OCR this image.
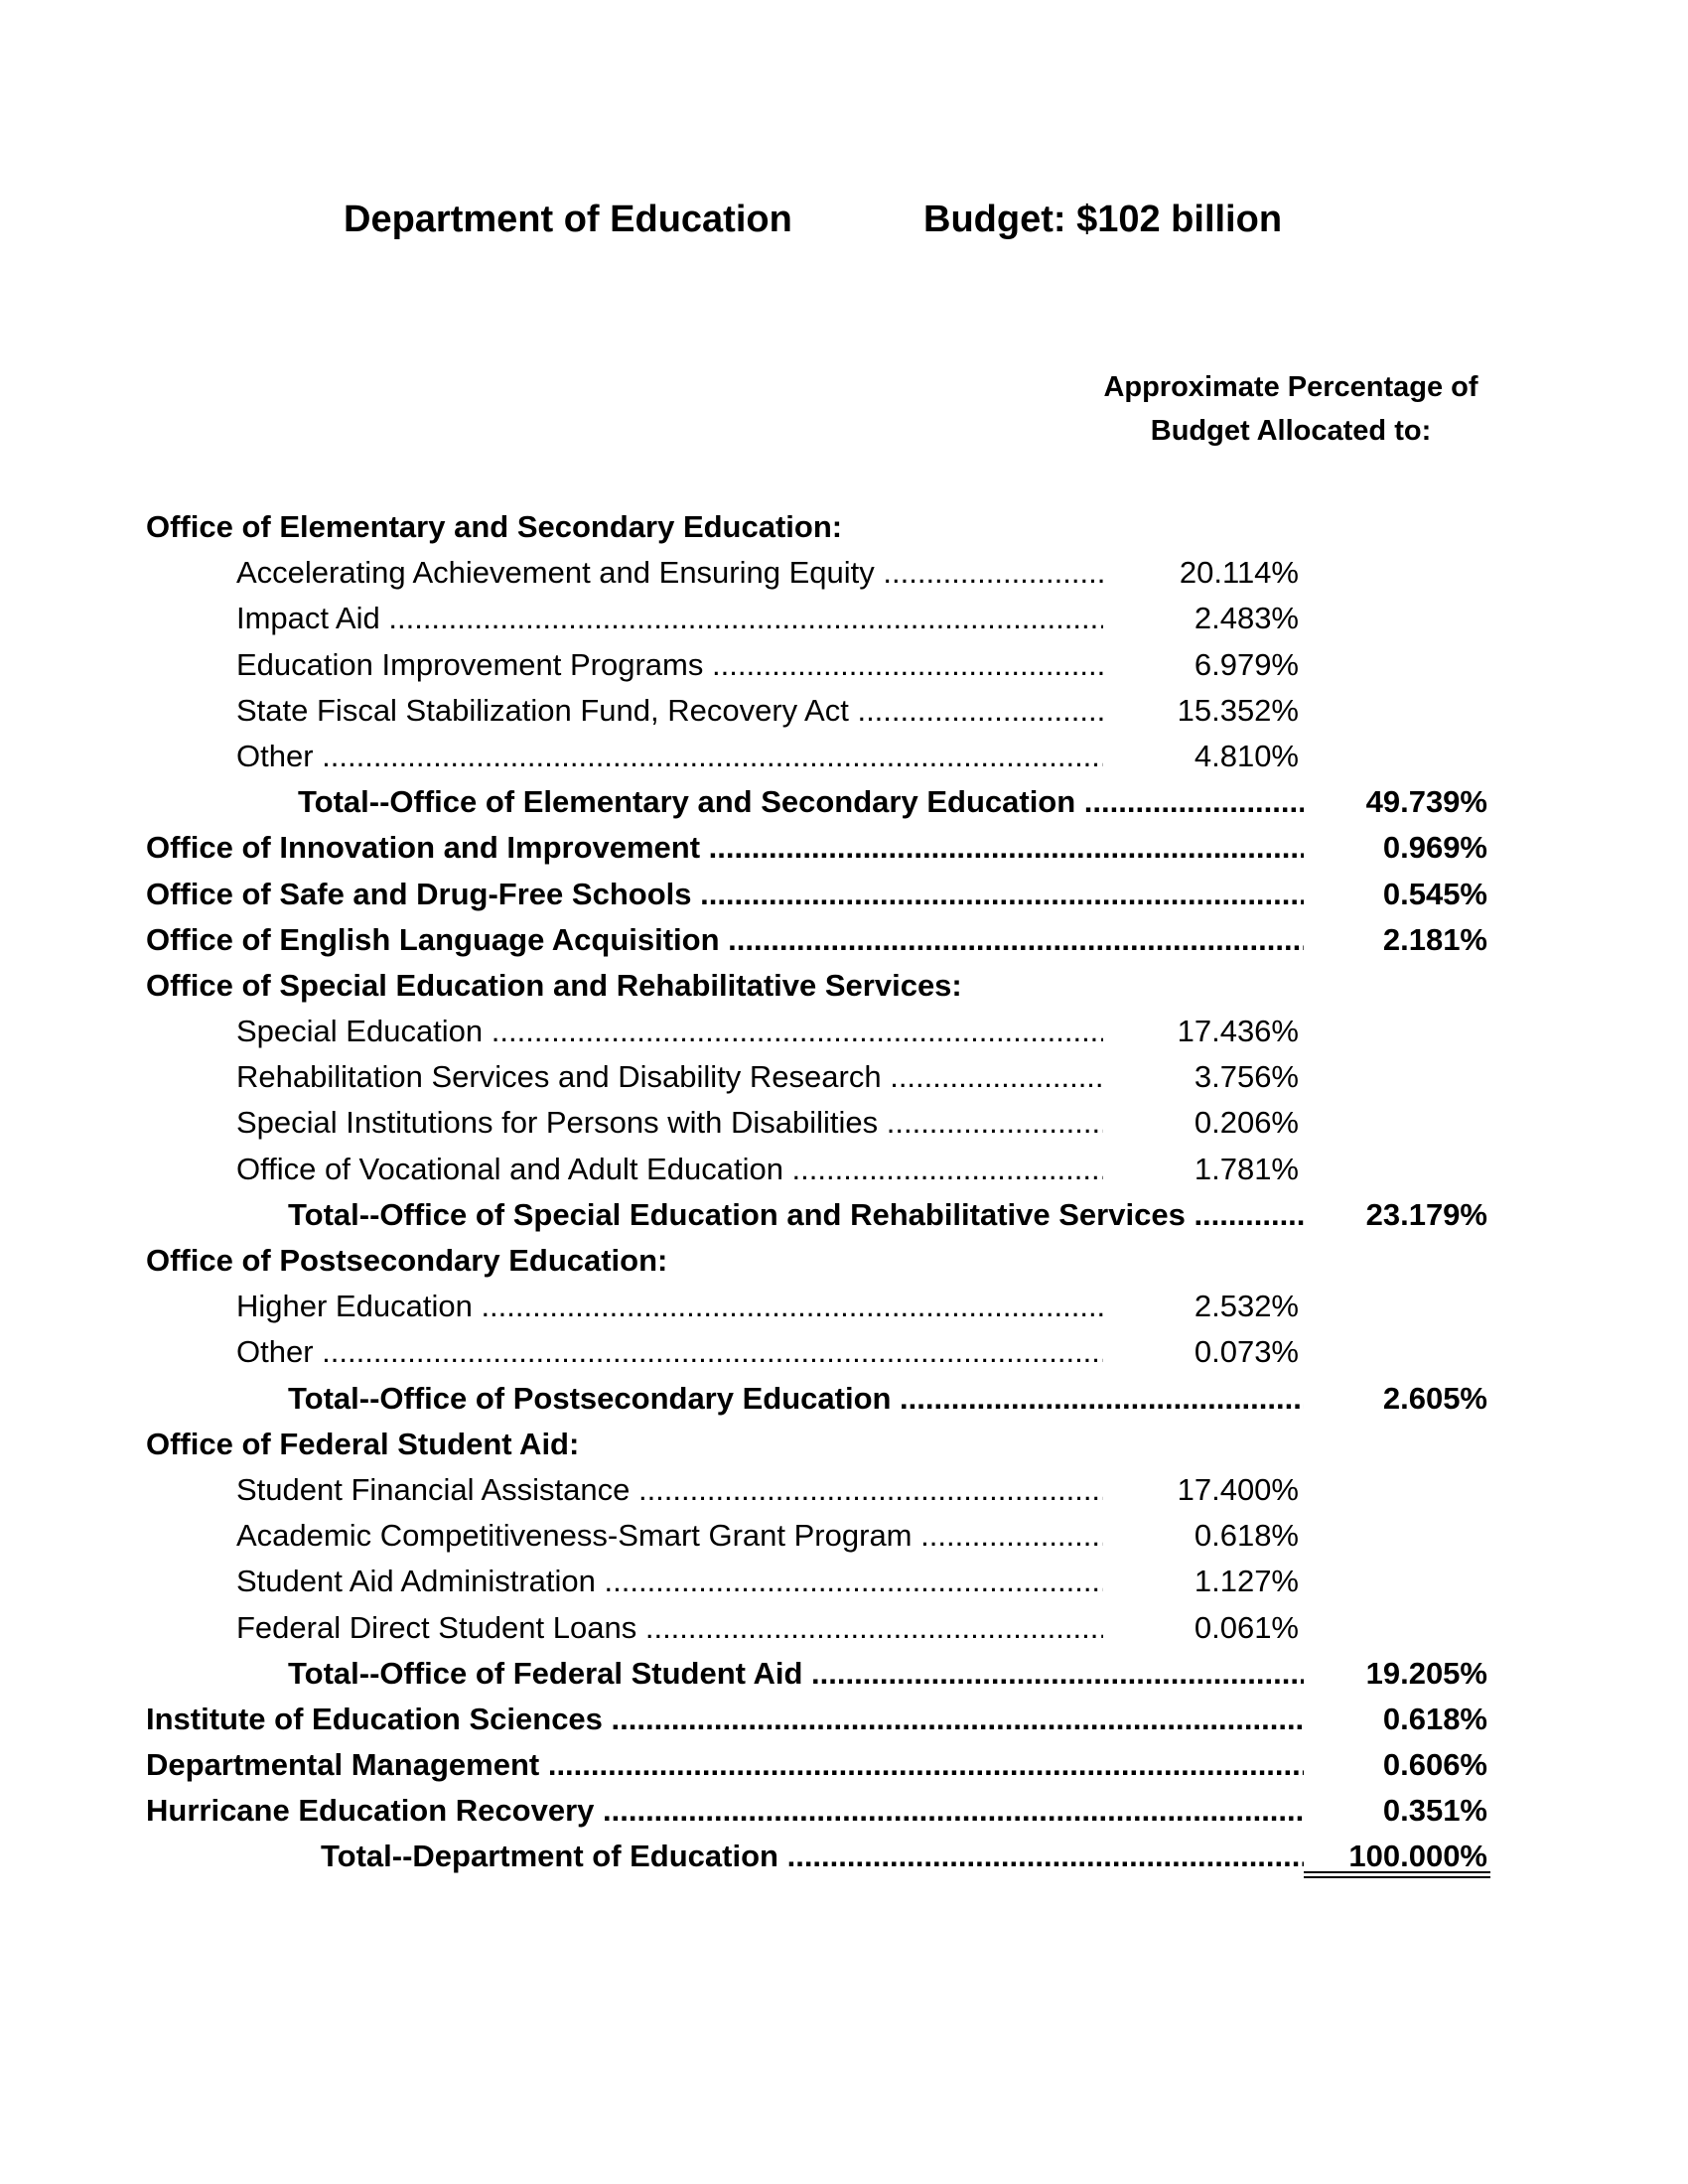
Department of Education	Budget: $102 billion
Approximate Percentage of
Budget Allocated to:
Office of Elementary and Secondary Education:
Accelerating Achievement and Ensuring Equity .....	20.114%
Impact Aid .....	2.483%
Education Improvement Programs .....	6.979%
State Fiscal Stabilization Fund, Recovery Act .....	15.352%
Other .....	4.810%
Total--Office of Elementary and Secondary Education .....	49.739%
Office of Innovation and Improvement .....	0.969%
Office of Safe and Drug-Free Schools .....	0.545%
Office of English Language Acquisition .....	2.181%
Office of Special Education and Rehabilitative Services:
Special Education .....	17.436%
Rehabilitation Services and Disability Research .....	3.756%
Special Institutions for Persons with Disabilities .....	0.206%
Office of Vocational and Adult Education .....	1.781%
Total--Office of Special Education and Rehabilitative Services .....	23.179%
Office of Postsecondary Education:
Higher Education .....	2.532%
Other .....	0.073%
Total--Office of Postsecondary Education .....	2.605%
Office of Federal Student Aid:
Student Financial Assistance .....	17.400%
Academic Competitiveness-Smart Grant Program .....	0.618%
Student Aid Administration .....	1.127%
Federal Direct Student Loans .....	0.061%
Total--Office of Federal Student Aid .....	19.205%
Institute of Education Sciences .....	0.618%
Departmental Management .....	0.606%
Hurricane Education Recovery .....	0.351%
Total--Department of Education .....	100.000%
